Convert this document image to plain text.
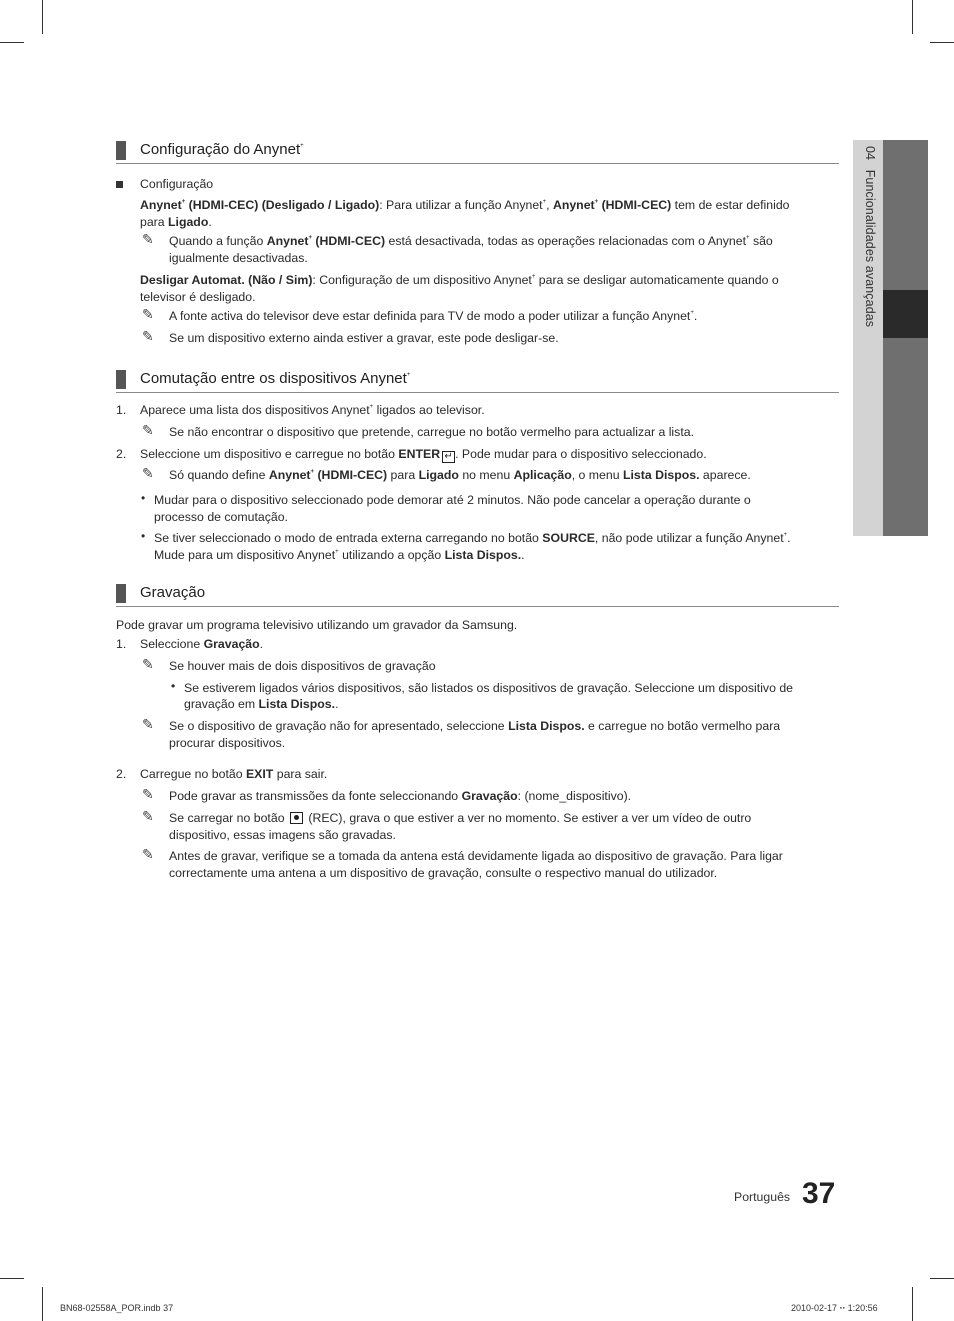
04 Funcionalidades avançadas
Configuração do Anynet+
Configuração
Anynet+ (HDMI-CEC) (Desligado / Ligado): Para utilizar a função Anynet+, Anynet+ (HDMI-CEC) tem de estar definido
para Ligado.
✎ Quando a função Anynet+ (HDMI-CEC) está desactivada, todas as operações relacionadas com o Anynet+ são
igualmente desactivadas.
Desligar Automat. (Não / Sim): Configuração de um dispositivo Anynet+ para se desligar automaticamente quando o
televisor é desligado.
✎ A fonte activa do televisor deve estar definida para TV de modo a poder utilizar a função Anynet+.
✎ Se um dispositivo externo ainda estiver a gravar, este pode desligar-se.
Comutação entre os dispositivos Anynet+
1. Aparece uma lista dos dispositivos Anynet+ ligados ao televisor.
✎ Se não encontrar o dispositivo que pretende, carregue no botão vermelho para actualizar a lista.
2. Seleccione um dispositivo e carregue no botão ENTER ↵ . Pode mudar para o dispositivo seleccionado.
✎ Só quando define Anynet+ (HDMI-CEC) para Ligado no menu Aplicação, o menu Lista Dispos. aparece.
• Mudar para o dispositivo seleccionado pode demorar até 2 minutos. Não pode cancelar a operação durante o
processo de comutação.
• Se tiver seleccionado o modo de entrada externa carregando no botão SOURCE, não pode utilizar a função Anynet+.
Mude para um dispositivo Anynet+ utilizando a opção Lista Dispos..
Gravação
Pode gravar um programa televisivo utilizando um gravador da Samsung.
1. Seleccione Gravação.
✎ Se houver mais de dois dispositivos de gravação
• Se estiverem ligados vários dispositivos, são listados os dispositivos de gravação. Seleccione um dispositivo de
gravação em Lista Dispos..
✎ Se o dispositivo de gravação não for apresentado, seleccione Lista Dispos. e carregue no botão vermelho para
procurar dispositivos.
2. Carregue no botão EXIT para sair.
✎ Pode gravar as transmissões da fonte seleccionando Gravação: (nome_dispositivo).
✎ Se carregar no botão  (REC), grava o que estiver a ver no momento. Se estiver a ver um vídeo de outro
dispositivo, essas imagens são gravadas.
✎ Antes de gravar, verifique se a tomada da antena está devidamente ligada ao dispositivo de gravação. Para ligar
correctamente uma antena a um dispositivo de gravação, consulte o respectivo manual do utilizador.
Português 37
BN68-02558A_POR.indb 37	2010-02-17 ꞏꞏ 1:20:56
